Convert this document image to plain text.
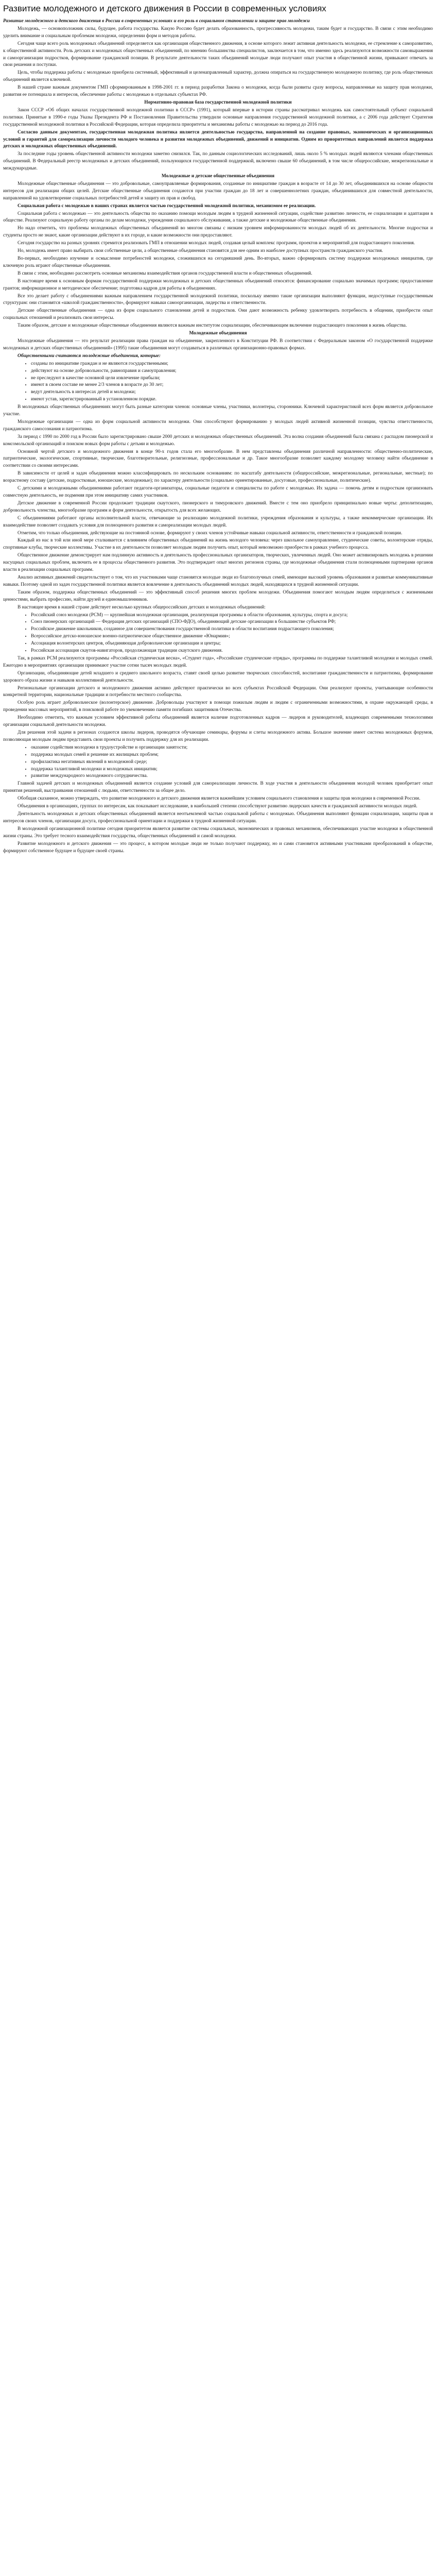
Развитие молодежного и детского движения в России в современных условиях

Развитие молодежного и детского движения в России в современных условиях и его роль в социальном становлении и защите прав молодежи

Молодежь, — основоположник силы, будущее, работа государства. Какую Россию будет делать образованность, прогрессивность молодежи, таким будет и государство. В связи с этим необходимо уделить внимание и социальным проблемам молодежи, определении форм и методов работы.

Сегодня чаще всего роль молодежных объединений определяется как организация общественного движения, в основе которого лежит активная деятельность молодежи, ее стремление к саморазвитию, к общественной активности. Роль детских и молодежных общественных объединений, по мнению большинства специалистов, заключается в том, что именно здесь реализуются возможности самовыражения и самоорганизации подростков, формирование гражданской позиции. В результате деятельности таких объединений молодые люди получают опыт участия в общественной жизни, привыкают отвечать за свои решения и поступки.

Цель, чтобы поддержка работы с молодежью приобрела системный, эффективный и целенаправленный характер, должна опираться на государственную молодежную политику, где роль общественных объединений является ключевой.

В нашей стране важным документом ГМП сформированным в 1998-2001 гг. в период разработки Закона о молодежи, когда были развиты сразу вопросы, направленные на защиту прав молодежи, развития ее потенциала и интересов, обеспечение работы с молодежью в отдельных субъектах РФ.

Нормативно-правовая база государственной молодежной политики

Закон СССР «Об общих началах государственной молодежной политики в СССР» (1991), который впервые в истории страны рассматривал молодежь как самостоятельный субъект социальной политики. Принятые в 1990-е годы Указы Президента РФ и Постановления Правительства утвердили основные направления государственной молодежной политики, а с 2006 года действует Стратегия государственной молодежной политики в Российской Федерации, которая определила приоритеты и механизмы работы с молодежью на период до 2016 года.

Согласно данным документам, государственная молодежная политика является деятельностью государства, направленной на создание правовых, экономических и организационных условий и гарантий для самореализации личности молодого человека и развития молодежных объединений, движений и инициатив. Одним из приоритетных направлений является поддержка детских и молодежных общественных объединений.

За последние годы уровень общественной активности молодежи заметно снизился. Так, по данным социологических исследований, лишь около 5 % молодых людей являются членами общественных объединений. В Федеральный реестр молодежных и детских объединений, пользующихся государственной поддержкой, включено свыше 60 объединений, в том числе общероссийские, межрегиональные и международные.

Молодежные и детские общественные объединения

Молодежные общественные объединения — это добровольные, самоуправляемые формирования, созданные по инициативе граждан в возрасте от 14 до 30 лет, объединившихся на основе общности интересов для реализации общих целей. Детские общественные объединения создаются при участии граждан до 18 лет и совершеннолетних граждан, объединившихся для совместной деятельности, направленной на удовлетворение социальных потребностей детей и защиту их прав и свобод.

Социальная работа с молодежью в наших странах является частью государственной молодежной политики, механизмом ее реализации.

Социальная работа с молодежью — это деятельность общества по оказанию помощи молодым людям в трудной жизненной ситуации, содействие развитию личности, ее социализации и адаптации в обществе. Реализуют социальную работу органы по делам молодежи, учреждения социального обслуживания, а также детские и молодежные общественные объединения.

Но надо отметить, что проблемы молодежных общественных объединений во многом связаны с низким уровнем информированности молодых людей об их деятельности. Многие подростки и студенты просто не знают, какие организации действуют в их городе, и какие возможности они предоставляют.

Сегодня государство на разных уровнях стремится реализовать ГМП в отношении молодых людей, создавая целый комплекс программ, проектов и мероприятий для подрастающего поколения.

Но, молодежь имеет право выбирать свои собственные цели, а общественные объединения становятся для нее одним из наиболее доступных пространств гражданского участия.

Во-первых, необходимо изучение и осмысление потребностей молодежи, сложившихся на сегодняшний день. Во-вторых, важно сформировать систему поддержки молодежных инициатив, где ключевую роль играют общественные объединения.

В связи с этим, необходимо рассмотреть основные механизмы взаимодействия органов государственной власти и общественных объединений.

В настоящее время к основным формам государственной поддержки молодежных и детских общественных объединений относятся: финансирование социально значимых программ; предоставление грантов; информационное и методическое обеспечение; подготовка кадров для работы в объединениях.

Все это делает работу с объединениями важным направлением государственной молодежной политики, поскольку именно такие организации выполняют функции, недоступные государственным структурам: они становятся «школой гражданственности», формируют навыки самоорганизации, лидерства и ответственности.

Детские общественные объединения — одна из форм социального становления детей и подростков. Они дают возможность ребенку удовлетворить потребность в общении, приобрести опыт социальных отношений и реализовать свои интересы.

Таким образом, детские и молодежные общественные объединения являются важным институтом социализации, обеспечивающим включение подрастающего поколения в жизнь общества.

Молодежные объединения

Молодежные объединения — это результат реализации права граждан на объединение, закрепленного в Конституции РФ. В соответствии с Федеральным законом «О государственной поддержке молодежных и детских общественных объединений» (1995) такие объединения могут создаваться в различных организационно-правовых формах.

Общественными считаются молодежные объединения, которые:

• созданы по инициативе граждан и не являются государственными;
• действуют на основе добровольности, равноправия и самоуправления;
• не преследуют в качестве основной цели извлечение прибыли;
• имеют в своем составе не менее 2/3 членов в возрасте до 30 лет;
• ведут деятельность в интересах детей и молодежи;
• имеют устав, зарегистрированный в установленном порядке.

В молодежных общественных объединениях могут быть разные категории членов: основные члены, участники, волонтеры, сторонники. Ключевой характеристикой всех форм является добровольное участие.

Молодежные организации — одна из форм социальной активности молодежи. Они способствуют формированию у молодых людей активной жизненной позиции, чувства ответственности, гражданского самосознания и патриотизма.

За период с 1990 по 2000 год в России было зарегистрировано свыше 2000 детских и молодежных общественных объединений. Эта волна создания объединений была связана с распадом пионерской и комсомольской организаций и поиском новых форм работы с детьми и молодежью.

Основной чертой детского и молодежного движения в конце 90-х годов стала его многообразие. В нем представлены объединения различной направленности: общественно-политические, патриотические, экологические, спортивные, творческие, благотворительные, религиозные, профессиональные и др. Такое многообразие позволяет каждому молодому человеку найти объединение в соответствии со своими интересами.

В зависимости от целей и задач объединения можно классифицировать по нескольким основаниям: по масштабу деятельности (общероссийские, межрегиональные, региональные, местные); по возрастному составу (детские, подростковые, юношеские, молодежные); по характеру деятельности (социально ориентированные, досуговые, профессиональные, политические).

С детскими и молодежными объединениями работают педагоги-организаторы, социальные педагоги и специалисты по работе с молодежью. Их задача — помочь детям и подросткам организовать совместную деятельность, не подменяя при этом инициативу самих участников.

Детское движение в современной России продолжает традиции скаутского, пионерского и тимуровского движений. Вместе с тем оно приобрело принципиально новые черты: деполитизацию, добровольность членства, многообразие программ и форм деятельности, открытость для всех желающих.

С объединениями работают органы исполнительной власти, отвечающие за реализацию молодежной политики, учреждения образования и культуры, а также некоммерческие организации. Их взаимодействие позволяет создавать условия для полноценного развития и самореализации молодых людей.

Отметим, что только объединения, действующие на постоянной основе, формируют у своих членов устойчивые навыки социальной активности, ответственности и гражданской позиции.

Каждый из нас в той или иной мере сталкивается с влиянием общественных объединений на жизнь молодого человека: через школьное самоуправление, студенческие советы, волонтерские отряды, спортивные клубы, творческие коллективы. Участие в их деятельности позволяет молодым людям получить опыт, который невозможно приобрести в рамках учебного процесса.

Общественное движение демонстрирует нам подлинную активность и деятельность профессиональных организаторов, творческих, увлеченных людей. Оно может активизировать молодежь в решении насущных социальных проблем, включить ее в процессы общественного развития. Это подтверждает опыт многих регионов страны, где молодежные объединения стали полноценными партнерами органов власти в реализации социальных программ.

Анализ активных движений свидетельствует о том, что их участниками чаще становятся молодые люди из благополучных семей, имеющие высокий уровень образования и развитые коммуникативные навыки. Поэтому одной из задач государственной политики является вовлечение в деятельность объединений молодых людей, находящихся в трудной жизненной ситуации.

Таким образом, поддержка общественных объединений — это эффективный способ решения многих проблем молодежи. Объединения помогают молодым людям определиться с жизненными ценностями, выбрать профессию, найти друзей и единомышленников.

В настоящее время в нашей стране действует несколько крупных общероссийских детских и молодежных объединений:

• Российский союз молодежи (РСМ) — крупнейшая молодежная организация, реализующая программы в области образования, культуры, спорта и досуга;
• Союз пионерских организаций — Федерация детских организаций (СПО-ФДО), объединяющий детские организации в большинстве субъектов РФ;
• Российское движение школьников, созданное для совершенствования государственной политики в области воспитания подрастающего поколения;
• Всероссийское детско-юношеское военно-патриотическое общественное движение «Юнармия»;
• Ассоциация волонтерских центров, объединяющая добровольческие организации и центры;
• Российская ассоциация скаутов-навигаторов, продолжающая традиции скаутского движения.

Так, в рамках РСМ реализуются программы «Российская студенческая весна», «Студент года», «Российские студенческие отряды», программы по поддержке талантливой молодежи и молодых семей. Ежегодно в мероприятиях организации принимают участие сотни тысяч молодых людей.

Организации, объединяющие детей младшего и среднего школьного возраста, ставят своей целью развитие творческих способностей, воспитание гражданственности и патриотизма, формирование здорового образа жизни и навыков коллективной деятельности.

Региональные организации детского и молодежного движения активно действуют практически во всех субъектах Российской Федерации. Они реализуют проекты, учитывающие особенности конкретной территории, национальные традиции и потребности местного сообщества.

Особую роль играет добровольческое (волонтерское) движение. Добровольцы участвуют в помощи пожилым людям и людям с ограниченными возможностями, в охране окружающей среды, в проведении массовых мероприятий, в поисковой работе по увековечению памяти погибших защитников Отечества.

Необходимо отметить, что важным условием эффективной работы объединений является наличие подготовленных кадров — лидеров и руководителей, владеющих современными технологиями организации социальной деятельности молодежи.

Для решения этой задачи в регионах создаются школы лидеров, проводятся обучающие семинары, форумы и слеты молодежного актива. Большое значение имеет система молодежных форумов, позволяющая молодым людям представить свои проекты и получить поддержку для их реализации.

• оказание содействия молодежи в трудоустройстве и организации занятости;
• поддержка молодых семей и решение их жилищных проблем;
• профилактика негативных явлений в молодежной среде;
• поддержка талантливой молодежи и молодежных инициатив;
• развитие международного молодежного сотрудничества.

Главной задачей детских и молодежных объединений является создание условий для самореализации личности. В ходе участия в деятельности объединения молодой человек приобретает опыт принятия решений, выстраивания отношений с людьми, ответственности за общее дело.

Обобщая сказанное, можно утверждать, что развитие молодежного и детского движения является важнейшим условием социального становления и защиты прав молодежи в современной России.

Объединения в организациях, группах по интересам, как показывает исследование, в наибольшей степени способствуют развитию лидерских качеств и гражданской активности молодых людей.

Деятельность молодежных и детских общественных объединений является неотъемлемой частью социальной работы с молодежью. Объединения выполняют функции социализации, защиты прав и интересов своих членов, организации досуга, профессиональной ориентации и поддержки в трудной жизненной ситуации.

В молодежной организационной политике сегодня приоритетом является развитие системы социальных, экономических и правовых механизмов, обеспечивающих участие молодежи в общественной жизни страны. Это требует тесного взаимодействия государства, общественных объединений и самой молодежи.

Развитие молодежного и детского движения — это процесс, в котором молодые люди не только получают поддержку, но и сами становятся активными участниками преобразований в обществе, формируют собственное будущее и будущее своей страны.
